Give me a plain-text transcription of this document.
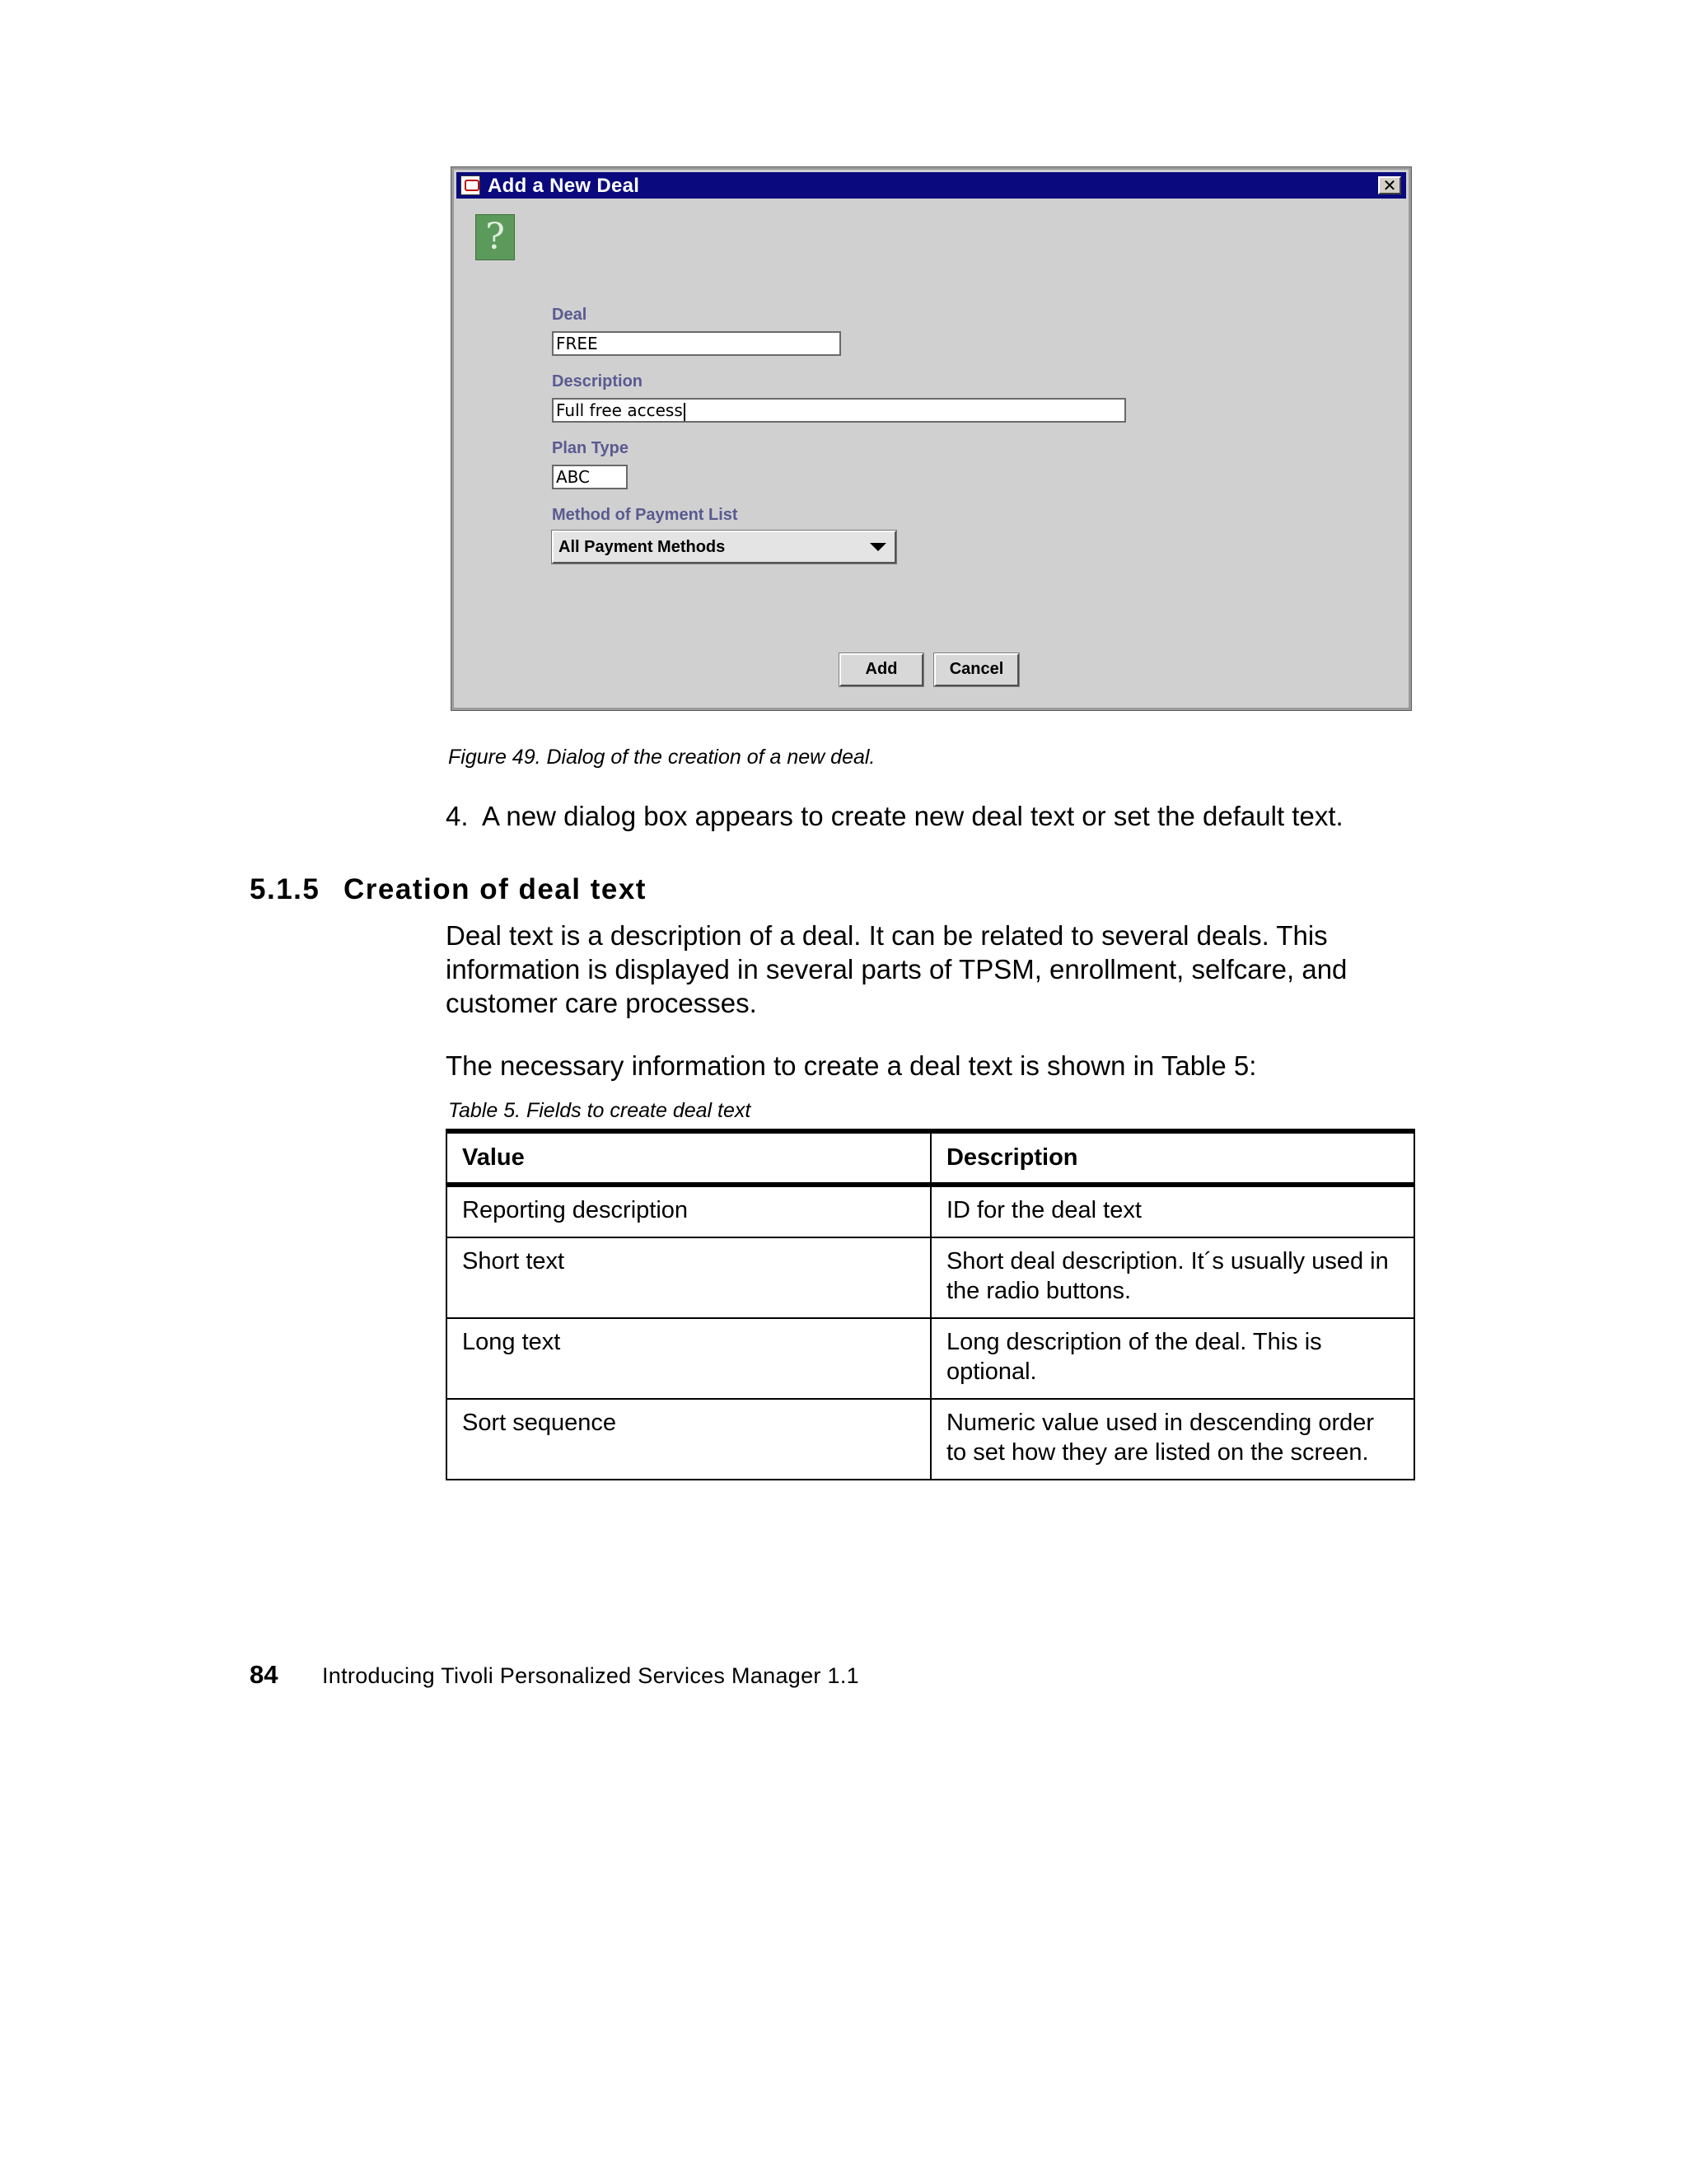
Add a New Deal	✕
?
Deal
FREE
Description
Full free access
Plan Type
ABC
Method of Payment List
All Payment Methods
Add	Cancel
Figure 49. Dialog of the creation of a new deal.
4. A new dialog box appears to create new deal text or set the default text.
5.1.5 Creation of deal text
Deal text is a description of a deal. It can be related to several deals. This information is displayed in several parts of TPSM, enrollment, selfcare, and customer care processes.
The necessary information to create a deal text is shown in Table 5:
Table 5. Fields to create deal text
Value	Description
Reporting description	ID for the deal text
Short text	Short deal description. It´s usually used in the radio buttons.
Long text	Long description of the deal. This is optional.
Sort sequence	Numeric value used in descending order to set how they are listed on the screen.
84 Introducing Tivoli Personalized Services Manager 1.1
